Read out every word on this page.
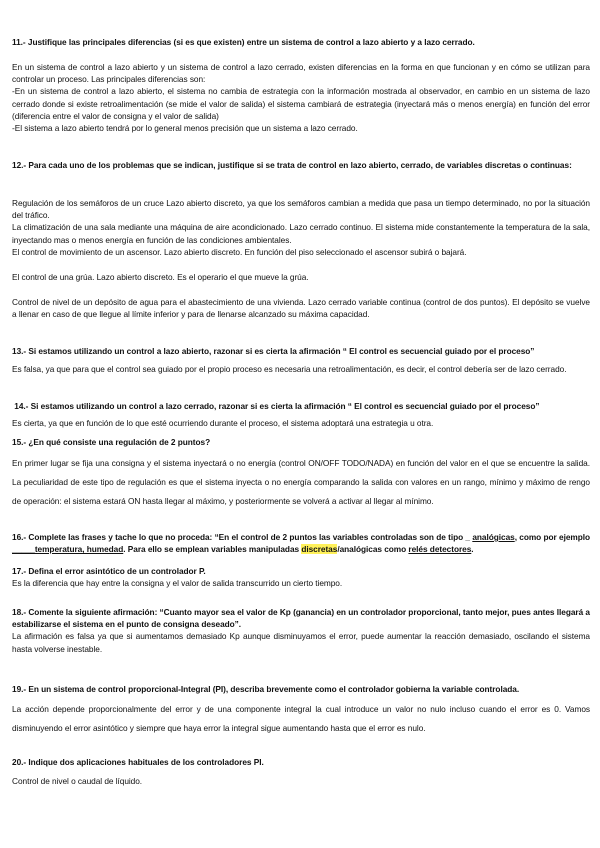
11.- Justifique las principales diferencias (si es que existen) entre un sistema de control a lazo abierto y a lazo cerrado.

En un sistema de control a lazo abierto y un sistema de control a lazo cerrado, existen diferencias en la forma en que funcionan y en cómo se utilizan para controlar un proceso. Las principales diferencias son:

-En un sistema de control a lazo abierto, el sistema no cambia de estrategia con la información mostrada al observador, en cambio en un sistema de lazo cerrado donde si existe retroalimentación (se mide el valor de salida) el sistema cambiará de estrategia (inyectará más o menos energía) en función del error (diferencia entre el valor de consigna y el valor de salida)

-El sistema a lazo abierto tendrá por lo general menos precisión que un sistema a lazo cerrado.

12.- Para cada uno de los problemas que se indican, justifique si se trata de control en lazo abierto, cerrado, de variables discretas o continuas:

Regulación de los semáforos de un cruce Lazo abierto discreto, ya que los semáforos cambian a medida que pasa un tiempo determinado, no por la situación del tráfico.

La climatización de una sala mediante una máquina de aire acondicionado. Lazo cerrado continuo. El sistema mide constantemente la temperatura de la sala, inyectando mas o menos energía en función de las condiciones ambientales.

El control de movimiento de un ascensor. Lazo abierto discreto. En función del piso seleccionado el ascensor subirá o bajará.

El control de una grúa. Lazo abierto discreto. Es el operario el que mueve la grúa.

Control de nivel de un depósito de agua para el abastecimiento de una vivienda. Lazo cerrado variable continua (control de dos puntos). El depósito se vuelve a llenar en caso de que llegue al límite inferior y para de llenarse alcanzado su máxima capacidad.

13.- Si estamos utilizando un control a lazo abierto, razonar si es cierta la afirmación “ El control es secuencial guiado por el proceso”

Es falsa, ya que para que el control sea guiado por el propio proceso es necesaria una retroalimentación, es decir, el control debería ser de lazo cerrado.

14.- Si estamos utilizando un control a lazo cerrado, razonar si es cierta la afirmación “ El control es secuencial guiado por el proceso”

Es cierta, ya que en función de lo que esté ocurriendo durante el proceso, el sistema adoptará una estrategia u otra.

15.- ¿En qué consiste una regulación de 2 puntos?

En primer lugar se fija una consigna y el sistema inyectará o no energía (control ON/OFF TODO/NADA) en función del valor en el que se encuentre la salida. La peculiaridad de este tipo de regulación es que el sistema inyecta o no energía comparando la salida con valores en un rango, mínimo y máximo de rengo de operación: el sistema estará ON hasta llegar al máximo, y posteriormente se volverá a activar al llegar al mínimo.

16.- Complete las frases y tache lo que no proceda: “En el control de 2 puntos las variables controladas son de tipo _ analógicas, como por ejemplo _____temperatura, humedad. Para ello se emplean variables manipuladas discretas/analógicas como relés detectores.

17.- Defina el error asintótico de un controlador P.

Es la diferencia que hay entre la consigna y el valor de salida transcurrido un cierto tiempo.

18.- Comente la siguiente afirmación: “Cuanto mayor sea el valor de Kp (ganancia) en un controlador proporcional, tanto mejor, pues antes llegará a estabilizarse el sistema en el punto de consigna deseado”.

La afirmación es falsa ya que si aumentamos demasiado Kp aunque disminuyamos el error, puede aumentar la reacción demasiado, oscilando el sistema hasta volverse inestable.

19.- En un sistema de control proporcional-Integral (PI), describa brevemente como el controlador gobierna la variable controlada.

La acción depende proporcionalmente del error y de una componente integral la cual introduce un valor no nulo incluso cuando el error es 0. Vamos disminuyendo el error asintótico y siempre que haya error la integral sigue aumentando hasta que el error es nulo.

20.- Indique dos aplicaciones habituales de los controladores PI.

Control de nivel o caudal de líquido.
